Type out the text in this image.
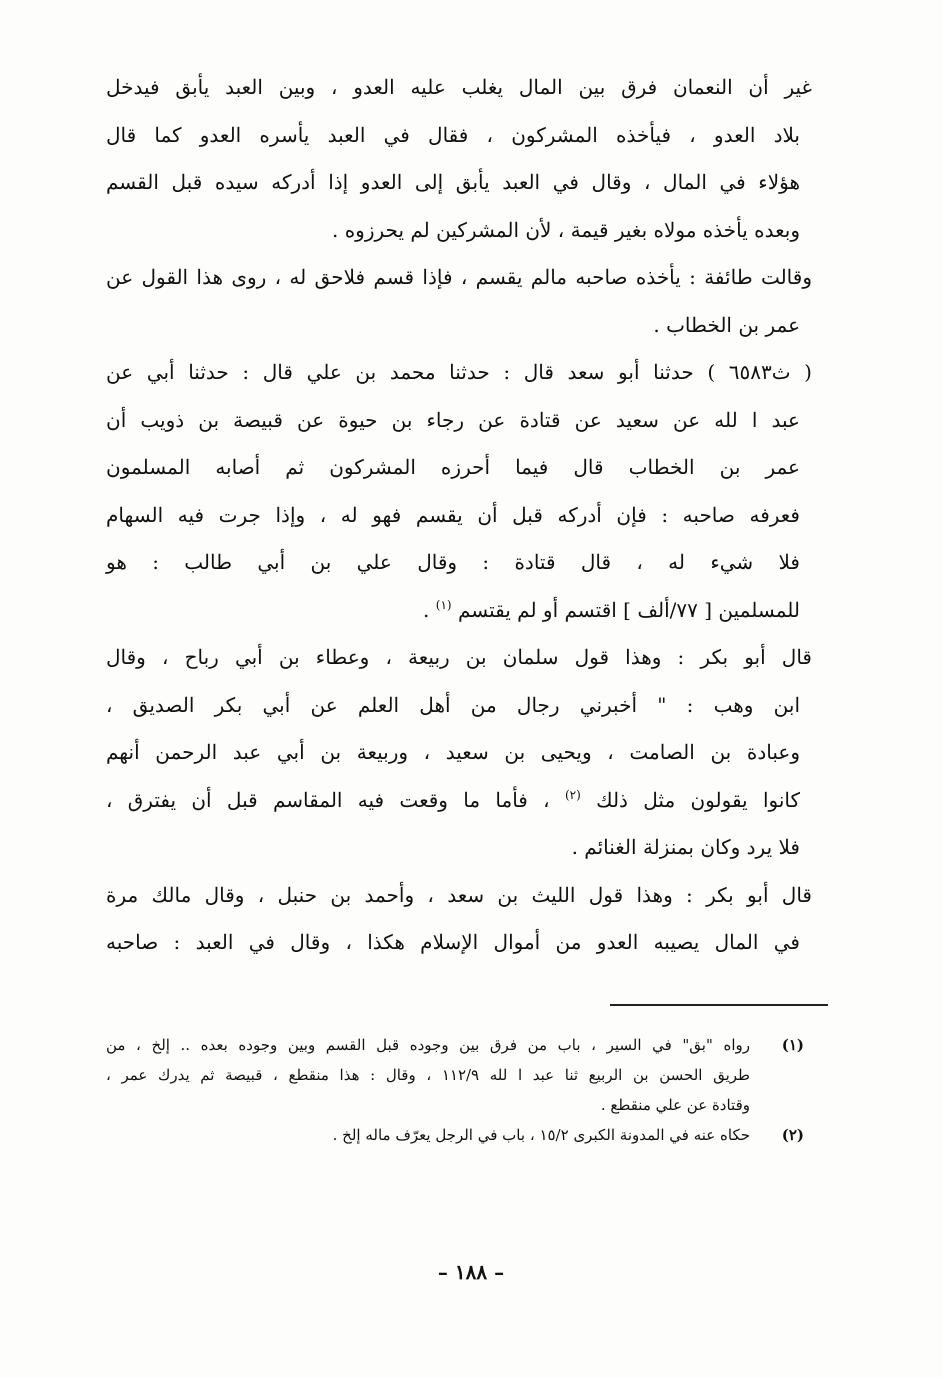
غير أن النعمان فرق بين المال يغلب عليه العدو ، وبين العبد يأبق فيدخل
بلاد العدو ، فيأخذه المشركون ، فقال في العبد يأسره العدو كما قال
هؤلاء في المال ، وقال في العبد يأبق إلى العدو إذا أدركه سيده قبل القسم
وبعده يأخذه مولاه بغير قيمة ، لأن المشركين لم يحرزوه .

وقالت طائفة : يأخذه صاحبه مالم يقسم ، فإذا قسم فلاحق له ، روى هذا القول عن
عمر بن الخطاب .

( ث٦٥٨٣ ) حدثنا أبو سعد قال : حدثنا محمد بن علي قال : حدثنا أبي عن
عبد ا لله عن سعيد عن قتادة عن رجاء بن حيوة عن قبيصة بن ذويب أن
عمر بن الخطاب قال فيما أحرزه المشركون ثم أصابه المسلمون
فعرفه صاحبه : فإن أدركه قبل أن يقسم فهو له ، وإذا جرت فيه السهام
فلا شيء له ، قال قتادة : وقال علي بن أبي طالب : هو
للمسلمين [ ٧٧/ألف ] اقتسم أو لم يقتسم $^{(١)}$ .

قال أبو بكر : وهذا قول سلمان بن ربيعة ، وعطاء بن أبي رباح ، وقال
ابن وهب : " أخبرني رجال من أهل العلم عن أبي بكر الصديق ،
وعبادة بن الصامت ، ويحيى بن سعيد ، وربيعة بن أبي عبد الرحمن أنهم
كانوا يقولون مثل ذلك $^{(٢)}$ ، فأما ما وقعت فيه المقاسم قبل أن يفترق ،
فلا يرد وكان بمنزلة الغنائم .

قال أبو بكر : وهذا قول الليث بن سعد ، وأحمد بن حنبل ، وقال مالك مرة
في المال يصيبه العدو من أموال الإسلام هكذا ، وقال في العبد : صاحبه

(١)
رواه "بق" في السير ، باب من فرق بين وجوده قبل القسم وبين وجوده بعده .. إلخ ، من
طريق الحسن بن الربيع ثنا عبد ا لله ١١٢/٩ ، وقال : هذا منقطع ، قبيصة ثم يدرك عمر ،
وقتادة عن علي منقطع .
(٢)
حكاه عنه في المدونة الكبرى ١٥/٢ ، باب في الرجل يعرّف ماله إلخ .
– ١٨٨ –
